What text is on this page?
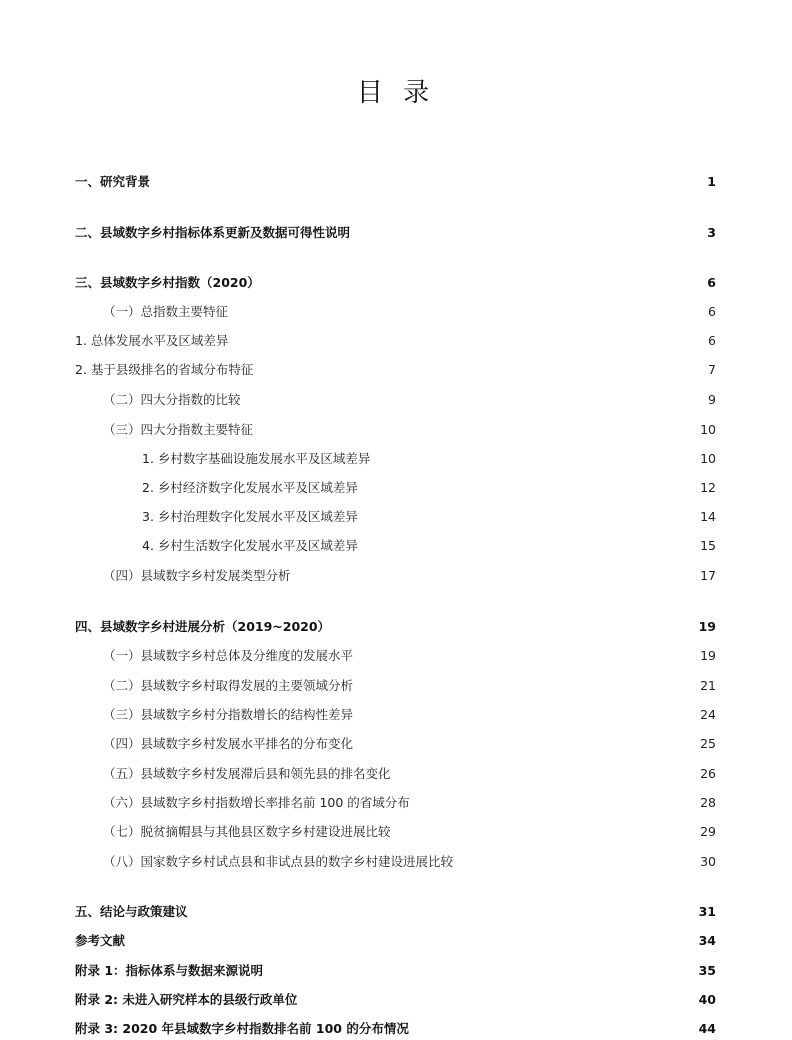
目 录
一、研究背景	1
二、县域数字乡村指标体系更新及数据可得性说明	3
三、县域数字乡村指数（2020）	6
（一）总指数主要特征	6
1. 总体发展水平及区域差异	6
2. 基于县级排名的省域分布特征	7
（二）四大分指数的比较	9
（三）四大分指数主要特征	10
1. 乡村数字基础设施发展水平及区域差异	10
2. 乡村经济数字化发展水平及区域差异	12
3. 乡村治理数字化发展水平及区域差异	14
4. 乡村生活数字化发展水平及区域差异	15
（四）县域数字乡村发展类型分析	17
四、县域数字乡村进展分析（2019~2020）	19
（一）县域数字乡村总体及分维度的发展水平	19
（二）县域数字乡村取得发展的主要领域分析	21
（三）县域数字乡村分指数增长的结构性差异	24
（四）县域数字乡村发展水平排名的分布变化	25
（五）县域数字乡村发展滞后县和领先县的排名变化	26
（六）县域数字乡村指数增长率排名前 100 的省域分布	28
（七）脱贫摘帽县与其他县区数字乡村建设进展比较	29
（八）国家数字乡村试点县和非试点县的数字乡村建设进展比较	30
五、结论与政策建议	31
参考文献	34
附录 1：指标体系与数据来源说明	35
附录 2: 未进入研究样本的县级行政单位	40
附录 3: 2020 年县域数字乡村指数排名前 100 的分布情况	44
